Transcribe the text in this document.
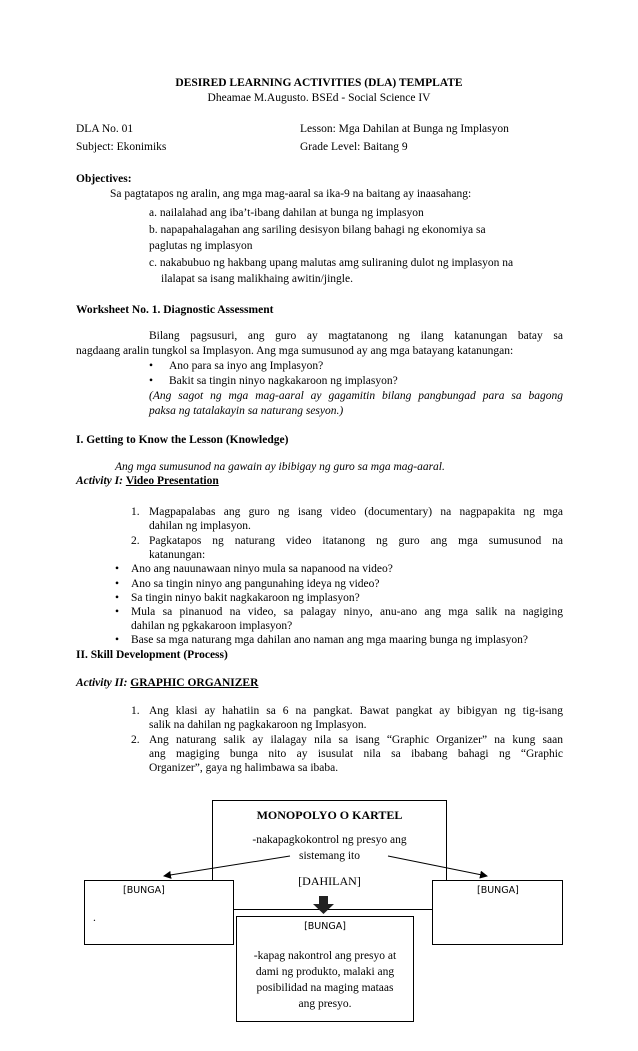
DESIRED LEARNING ACTIVITIES (DLA) TEMPLATE
Dheamae M.Augusto. BSEd - Social Science IV
DLA No. 01	Lesson: Mga Dahilan at Bunga ng Implasyon
Subject: Ekonimiks	Grade Level: Baitang 9
Objectives:
Sa pagtatapos ng aralin, ang mga mag-aaral sa ika-9 na baitang ay inaasahang:
a. nailalahad ang iba’t-ibang dahilan at bunga ng implasyon
b. napapahalagahan ang sariling desisyon bilang bahagi ng ekonomiya sa
paglutas ng implasyon
c. nakabubuo ng hakbang upang malutas amg suliraning dulot ng implasyon na
ilalapat sa isang malikhaing awitin/jingle.
Worksheet No. 1. Diagnostic Assessment
Bilang pagsusuri, ang guro ay magtatanong ng ilang katanungan batay sa
nagdaang aralin tungkol sa Implasyon. Ang mga sumusunod ay ang mga batayang katanungan:
• Ano para sa inyo ang Implasyon?
• Bakit sa tingin ninyo nagkakaroon ng implasyon?
(Ang sagot ng mga mag-aaral ay gagamitin bilang pangbungad para sa bagong
paksa ng tatalakayin sa naturang sesyon.)
I. Getting to Know the Lesson (Knowledge)
Ang mga sumusunod na gawain ay ibibigay ng guro sa mga mag-aaral.
Activity I: Video Presentation
1. Magpapalabas ang guro ng isang video (documentary) na nagpapakita ng mga
dahilan ng implasyon.
2. Pagkatapos ng naturang video itatanong ng guro ang mga sumusunod na
katanungan:
• Ano ang nauunawaan ninyo mula sa napanood na video?
• Ano sa tingin ninyo ang pangunahing ideya ng video?
• Sa tingin ninyo bakit nagkakaroon ng implasyon?
• Mula sa pinanuod na video, sa palagay ninyo, anu-ano ang mga salik na nagiging
dahilan ng pgkakaroon implasyon?
• Base sa mga naturang mga dahilan ano naman ang mga maaring bunga ng implasyon?
II. Skill Development (Process)
Activity II: GRAPHIC ORGANIZER
1. Ang klasi ay hahatiin sa 6 na pangkat. Bawat pangkat ay bibigyan ng tig-isang
salik na dahilan ng pagkakaroon ng Implasyon.
2. Ang naturang salik ay ilalagay nila sa isang “Graphic Organizer” na kung saan
ang magiging bunga nito ay isusulat nila sa ibabang bahagi ng “Graphic
Organizer”, gaya ng halimbawa sa ibaba.
MONOPOLYO O KARTEL
-nakapagkokontrol ng presyo ang
sistemang ito
[DAHILAN]
[BUNGA]
.
[BUNGA]
[BUNGA]
-kapag nakontrol ang presyo at
dami ng produkto, malaki ang
posibilidad na maging mataas
ang presyo.
